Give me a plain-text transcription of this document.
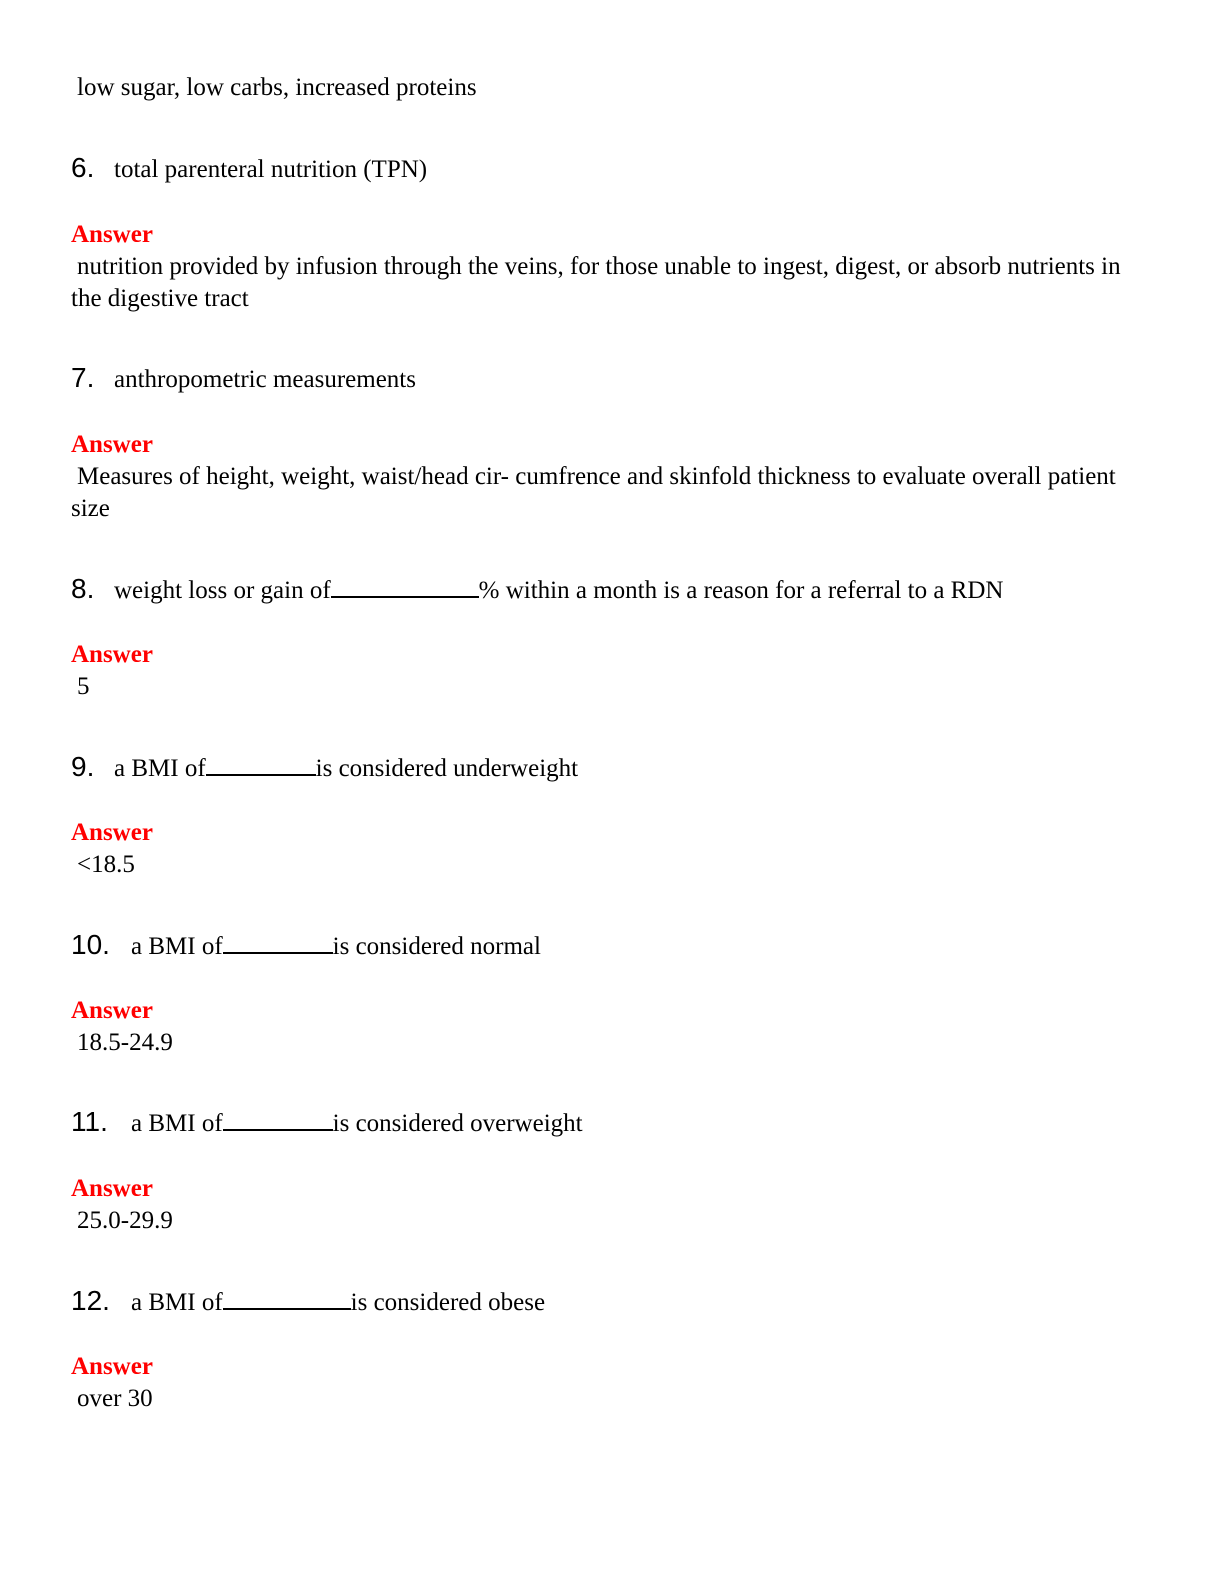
low sugar, low carbs, increased proteins

6. total parenteral nutrition (TPN)

Answer

nutrition provided by infusion through the veins, for those unable to ingest, digest, or absorb nutrients in the digestive tract

7. anthropometric measurements

Answer

Measures of height, weight, waist/head cir- cumfrence and skinfold thickness to evaluate overall patient size

8. weight loss or gain of	% within a month is a reason for a referral to a RDN

Answer

5

9. a BMI of	is considered underweight

Answer

<18.5

10. a BMI of	is considered normal

Answer

18.5-24.9

11. a BMI of	is considered overweight

Answer

25.0-29.9

12. a BMI of	is considered obese

Answer

over 30
